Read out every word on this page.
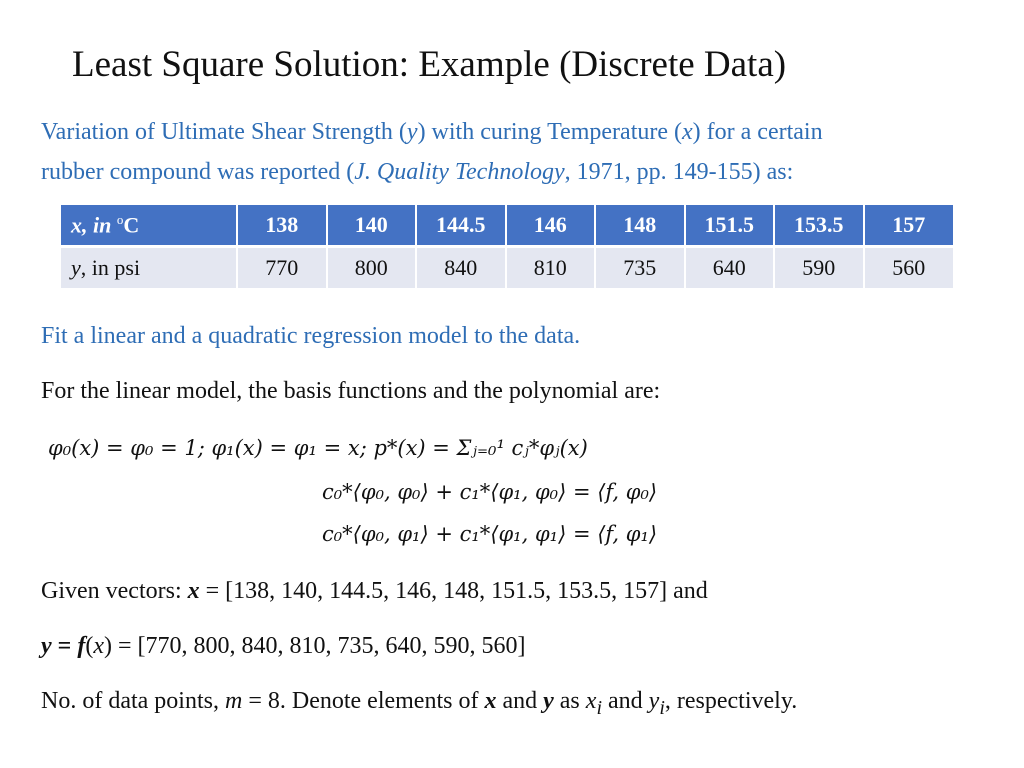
Least Square Solution: Example (Discrete Data)
Variation of Ultimate Shear Strength (y) with curing Temperature (x) for a certain
rubber compound was reported (J. Quality Technology, 1971, pp. 149-155) as:
x, in $^o$C	138	140	144.5	146	148	151.5	153.5	157
y, in psi	770	800	840	810	735	640	590	560
Fit a linear and a quadratic regression model to the data.
For the linear model, the basis functions and the polynomial are:
φ₀(x) = φ₀ = 1; φ₁(x) = φ₁ = x; p*(x) = Σⱼ₌₀¹ cⱼ*φⱼ(x)
c₀*⟨φ₀, φ₀⟩ + c₁*⟨φ₁, φ₀⟩ = ⟨f, φ₀⟩
c₀*⟨φ₀, φ₁⟩ + c₁*⟨φ₁, φ₁⟩ = ⟨f, φ₁⟩
Given vectors: x = [138, 140, 144.5, 146, 148, 151.5, 153.5, 157] and
y = f(x) = [770, 800, 840, 810, 735, 640, 590, 560]
No. of data points, m = 8. Denote elements of x and y as $x_i$ and $y_i$, respectively.
